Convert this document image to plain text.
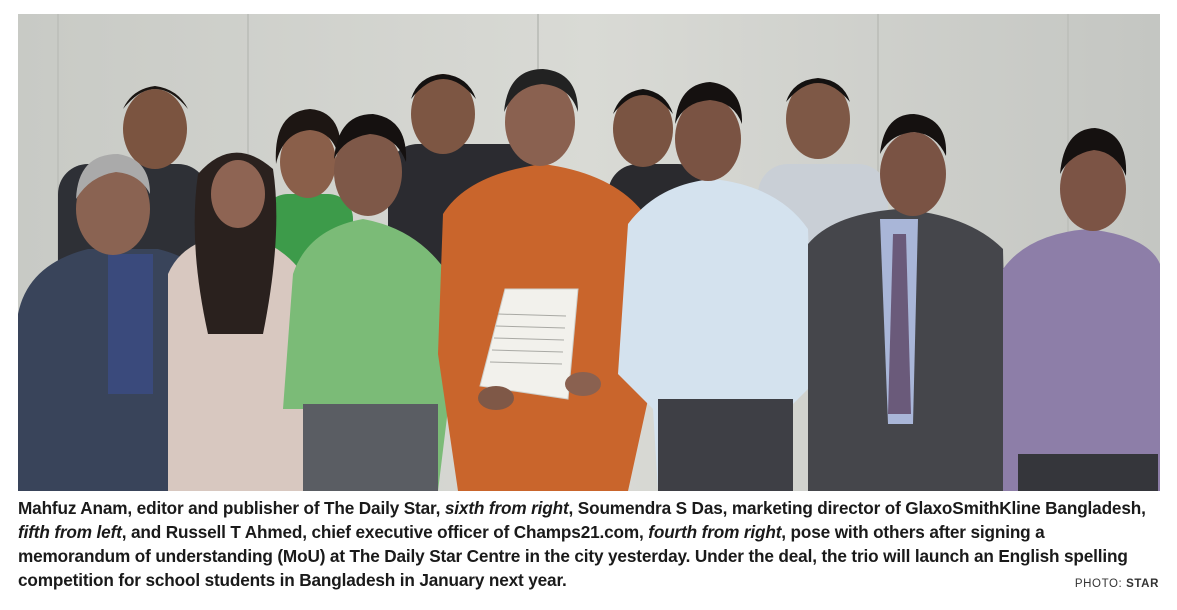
Mahfuz Anam, editor and publisher of The Daily Star, sixth from right, Soumendra S Das, marketing director of GlaxoSmithKline Bangladesh, fifth from left, and Russell T Ahmed, chief executive officer of Champs21.com, fourth from right, pose with others after signing a memorandum of understanding (MoU) at The Daily Star Centre in the city yesterday. Under the deal, the trio will launch an English spelling competition for school students in Bangladesh in January next year.	PHOTO: STAR
